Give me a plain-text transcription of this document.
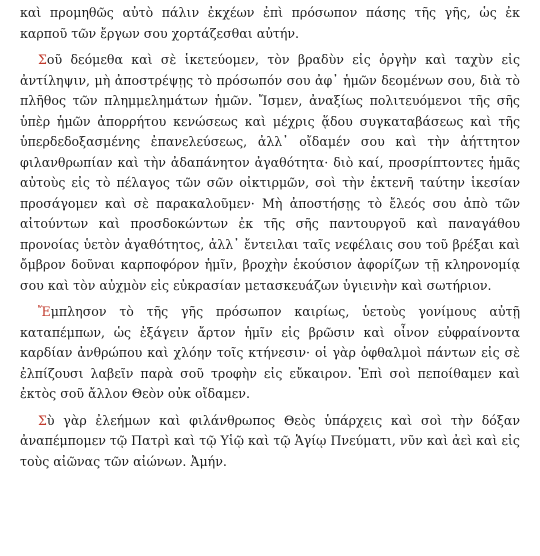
καὶ προμηθῶς αὐτὸ πάλιν ἐκχέων ἐπὶ πρόσωπον πάσης τῆς γῆς, ὡς ἐκ καρποῦ τῶν ἔργων σου χορτάζεσθαι αὐτήν.

Σοῦ δεόμεθα καὶ σὲ ἱκετεύομεν, τὸν βραδὺν εἰς ὀργὴν καὶ ταχὺν εἰς ἀντίληψιν, μὴ ἀποστρέψῃς τὸ πρόσωπόν σου ἀφ᾽ ἡμῶν δεομένων σου, διὰ τὸ πλῆθος τῶν πλημμελημάτων ἡμῶν. Ἴσμεν, ἀναξίως πολιτευόμενοι τῆς σῆς ὑπὲρ ἡμῶν ἀπορρήτου κενώσεως καὶ μέχρις ᾅδου συγκαταβάσεως καὶ τῆς ὑπερδεδοξασμένης ἐπανελεύσεως, ἀλλ᾽ οἴδαμέν σου καὶ τὴν ἀήττητον φιλανθρωπίαν καὶ τὴν ἀδαπάνητον ἀγαθότητα· διὸ καί, προσρίπτοντες ἡμᾶς αὐτοὺς εἰς τὸ πέλαγος τῶν σῶν οἰκτιρμῶν, σοὶ τὴν ἐκτενῆ ταύτην ἱκεσίαν προσάγομεν καὶ σὲ παρακαλοῦμεν· Μὴ ἀποστήσῃς τὸ ἔλεός σου ἀπὸ τῶν αἰτούντων καὶ προσδοκώντων ἐκ τῆς σῆς παντουργοῦ καὶ παναγάθου προνοίας ὑετὸν ἀγαθότητος, ἀλλ᾽ ἔντειλαι ταῖς νεφέλαις σου τοῦ βρέξαι καὶ ὄμβρον δοῦναι καρποφόρον ἡμῖν, βροχὴν ἑκούσιον ἀφορίζων τῇ κληρονομίᾳ σου καὶ τὸν αὐχμὸν εἰς εὐκρασίαν μετασκευάζων ὑγιεινὴν καὶ σωτήριον.

Ἔμπλησον τὸ τῆς γῆς πρόσωπον καιρίως, ὑετοὺς γονίμους αὐτῇ καταπέμπων, ὡς ἐξάγειν ἄρτον ἡμῖν εἰς βρῶσιν καὶ οἶνον εὐφραίνοντα καρδίαν ἀνθρώπου καὶ χλόην τοῖς κτήνεσιν· οἱ γὰρ ὀφθαλμοὶ πάντων εἰς σὲ ἐλπίζουσι λαβεῖν παρὰ σοῦ τροφὴν εἰς εὔκαιρον. Ἐπὶ σοὶ πεποίθαμεν καὶ ἐκτὸς σοῦ ἄλλον Θεὸν οὐκ οἴδαμεν.

Σὺ γὰρ ἐλεήμων καὶ φιλάνθρωπος Θεὸς ὑπάρχεις καὶ σοὶ τὴν δόξαν ἀναπέμπομεν τῷ Πατρὶ καὶ τῷ Υἱῷ καὶ τῷ Ἁγίῳ Πνεύματι, νῦν καὶ ἀεὶ καὶ εἰς τοὺς αἰῶνας τῶν αἰώνων. Ἀμήν.
